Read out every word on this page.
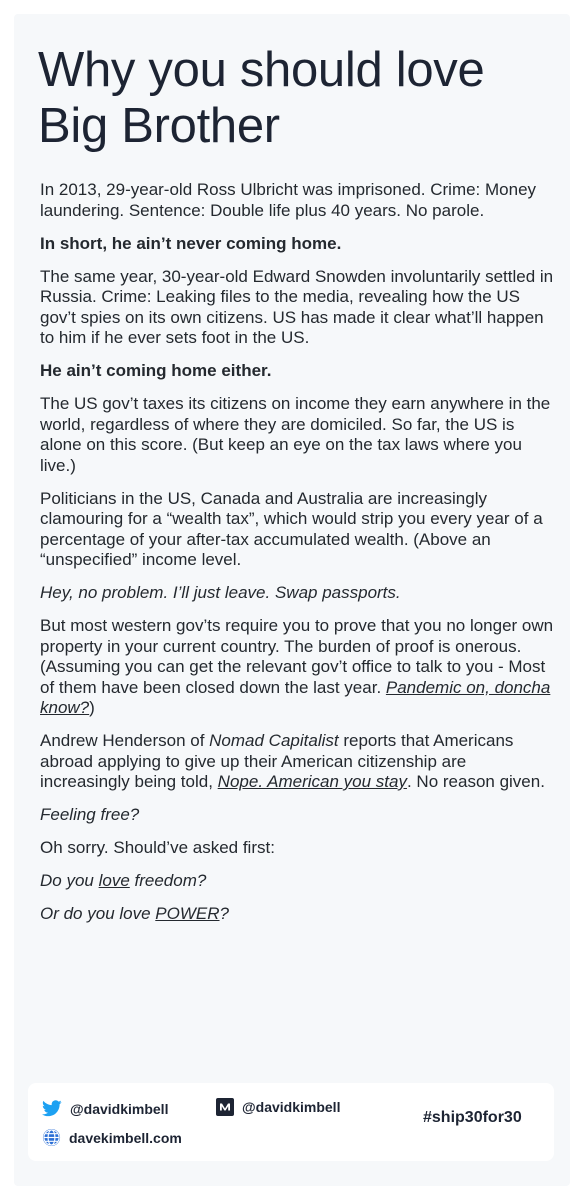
Why you should love
Big Brother

In 2013, 29-year-old Ross Ulbricht was imprisoned. Crime: Money laundering. Sentence: Double life plus 40 years. No parole.

In short, he ain’t never coming home.

The same year, 30-year-old Edward Snowden involuntarily settled in Russia. Crime: Leaking files to the media, revealing how the US gov’t spies on its own citizens. US has made it clear what’ll happen to him if he ever sets foot in the US.

He ain’t coming home either.

The US gov’t taxes its citizens on income they earn anywhere in the world, regardless of where they are domiciled. So far, the US is alone on this score. (But keep an eye on the tax laws where you live.)

Politicians in the US, Canada and Australia are increasingly clamouring for a “wealth tax”, which would strip you every year of a percentage of your after-tax accumulated wealth. (Above an “unspecified” income level.

Hey, no problem. I’ll just leave. Swap passports.

But most western gov’ts require you to prove that you no longer own property in your current country. The burden of proof is onerous. (Assuming you can get the relevant gov’t office to talk to you - Most of them have been closed down the last year. Pandemic on, doncha know?)

Andrew Henderson of Nomad Capitalist reports that Americans abroad applying to give up their American citizenship are increasingly being told, Nope. American you stay. No reason given.

Feeling free?

Oh sorry. Should’ve asked first:

Do you love freedom?

Or do you love POWER?

@davidkimbell	@davidkimbell
davekimbell.com
#ship30for30
